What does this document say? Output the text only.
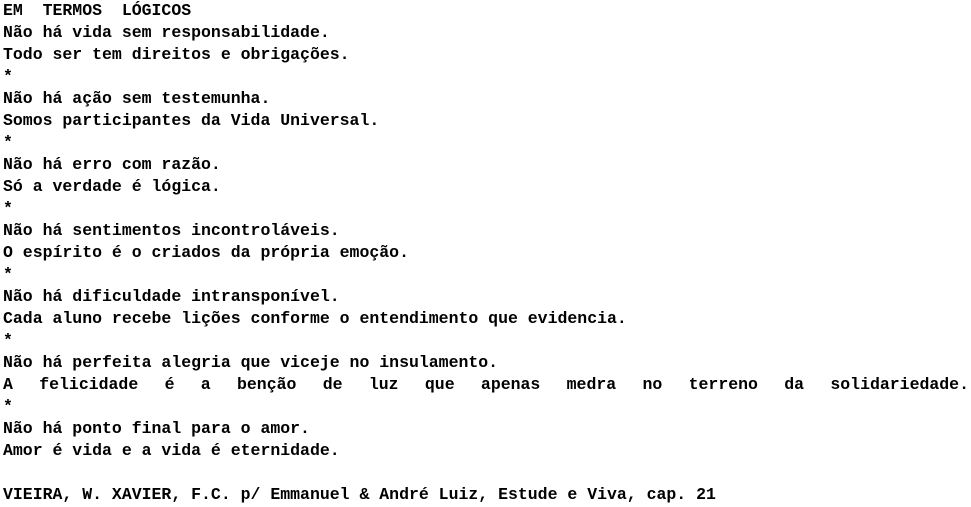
EM  TERMOS  LÓGICOS
Não há vida sem responsabilidade.
Todo ser tem direitos e obrigações.
*
Não há ação sem testemunha.
Somos participantes da Vida Universal.
*
Não há erro com razão.
Só a verdade é lógica.
*
Não há sentimentos incontroláveis.
O espírito é o criados da própria emoção.
*
Não há dificuldade intransponível.
Cada aluno recebe lições conforme o entendimento que evidencia.
*
Não há perfeita alegria que viceje no insulamento.
A felicidade é a benção de luz que apenas medra no terreno da solidariedade.
*
Não há ponto final para o amor.
Amor é vida e a vida é eternidade.
VIEIRA, W. XAVIER, F.C. p/ Emmanuel & André Luiz, Estude e Viva, cap. 21
